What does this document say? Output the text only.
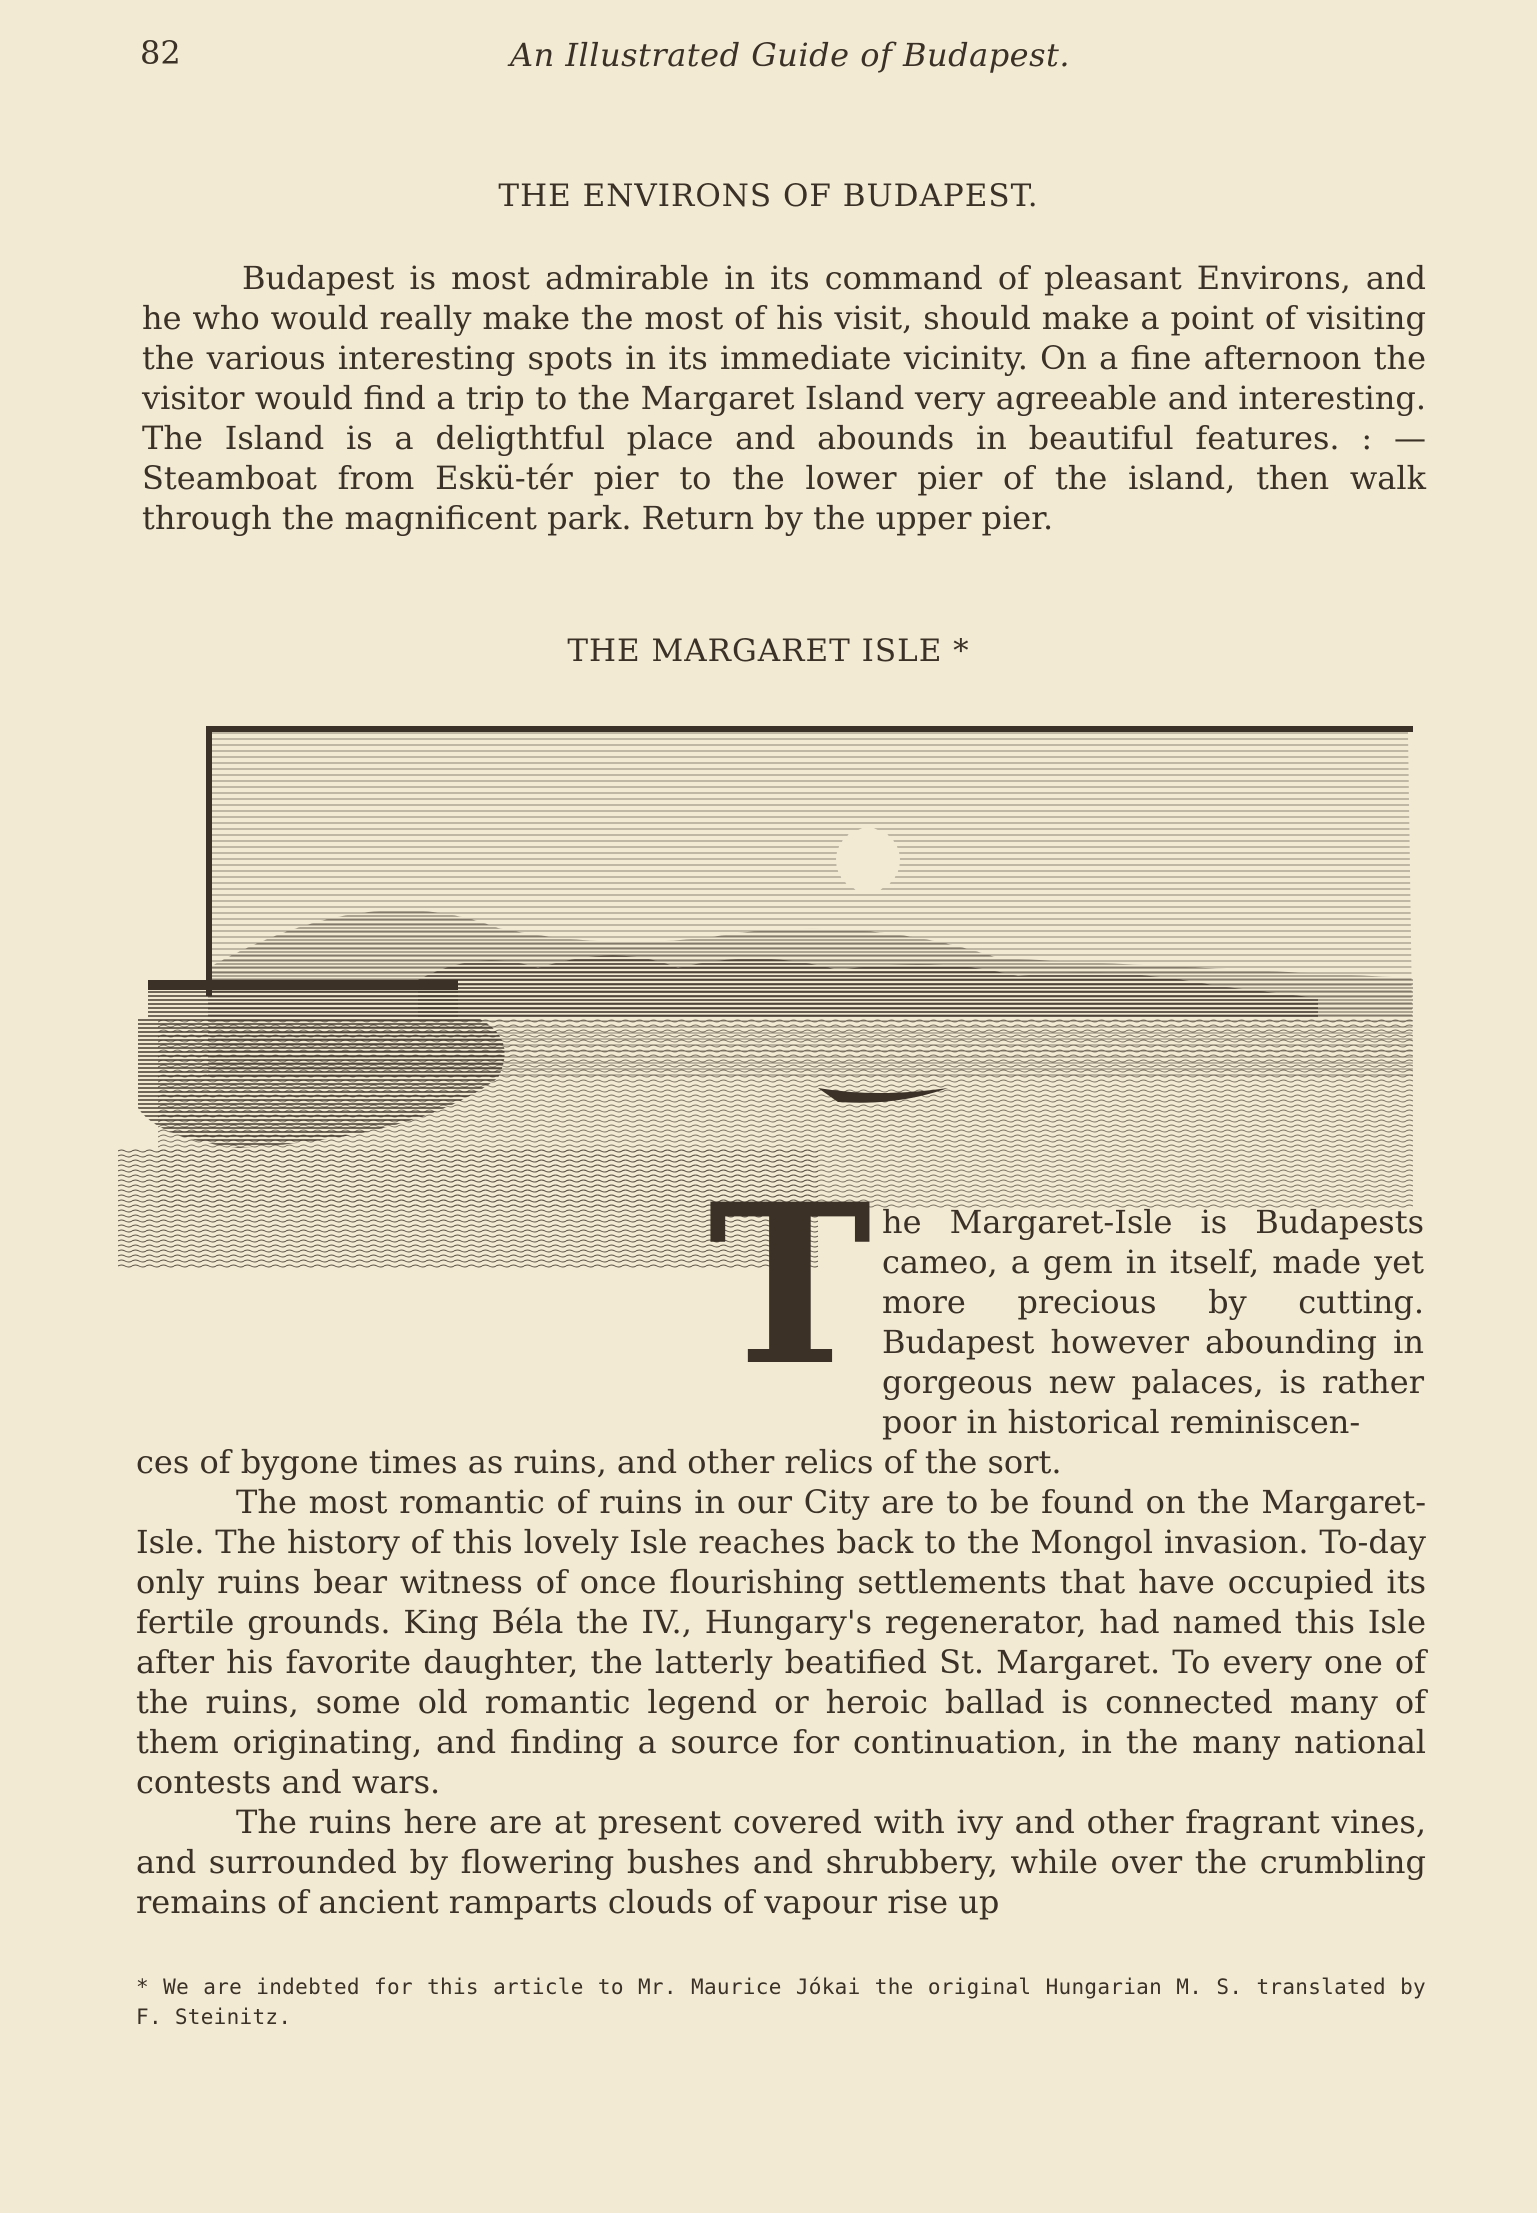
82	An Illustrated Guide of Budapest.
THE ENVIRONS OF BUDAPEST.

Budapest is most admirable in its command of pleasant Environs, and he who would really make the most of his visit, should make a point of visiting the various interesting spots in its immediate vicinity. On a fine afternoon the visitor would find a trip to the Margaret Island very agreeable and interesting. The Island is a deligthtful place and abounds in beautiful features. : — Steamboat from Eskü-tér pier to the lower pier of the island, then walk through the magnificent park. Return by the upper pier.

THE MARGARET ISLE *
T he Margaret-Isle is Budapests cameo, a gem in itself, made yet more precious by cutting. Budapest however abounding in gorgeous new palaces, is rather poor in historical reminiscen-

ces of bygone times as ruins, and other relics of the sort.

The most romantic of ruins in our City are to be found on the Margaret-Isle. The history of this lovely Isle reaches back to the Mongol invasion. To-day only ruins bear witness of once flourishing settlements that have occupied its fertile grounds. King Béla the IV., Hungary's regenerator, had named this Isle after his favorite daughter, the latterly beatified St. Margaret. To every one of the ruins, some old romantic legend or heroic ballad is connected many of them originating, and finding a source for continuation, in the many national contests and wars.

The ruins here are at present covered with ivy and other fragrant vines, and surrounded by flowering bushes and shrubbery, while over the crumbling remains of ancient ramparts clouds of vapour rise up

* We are indebted for this article to Mr. Maurice Jókai the original Hungarian M. S. translated by F. Steinitz.
